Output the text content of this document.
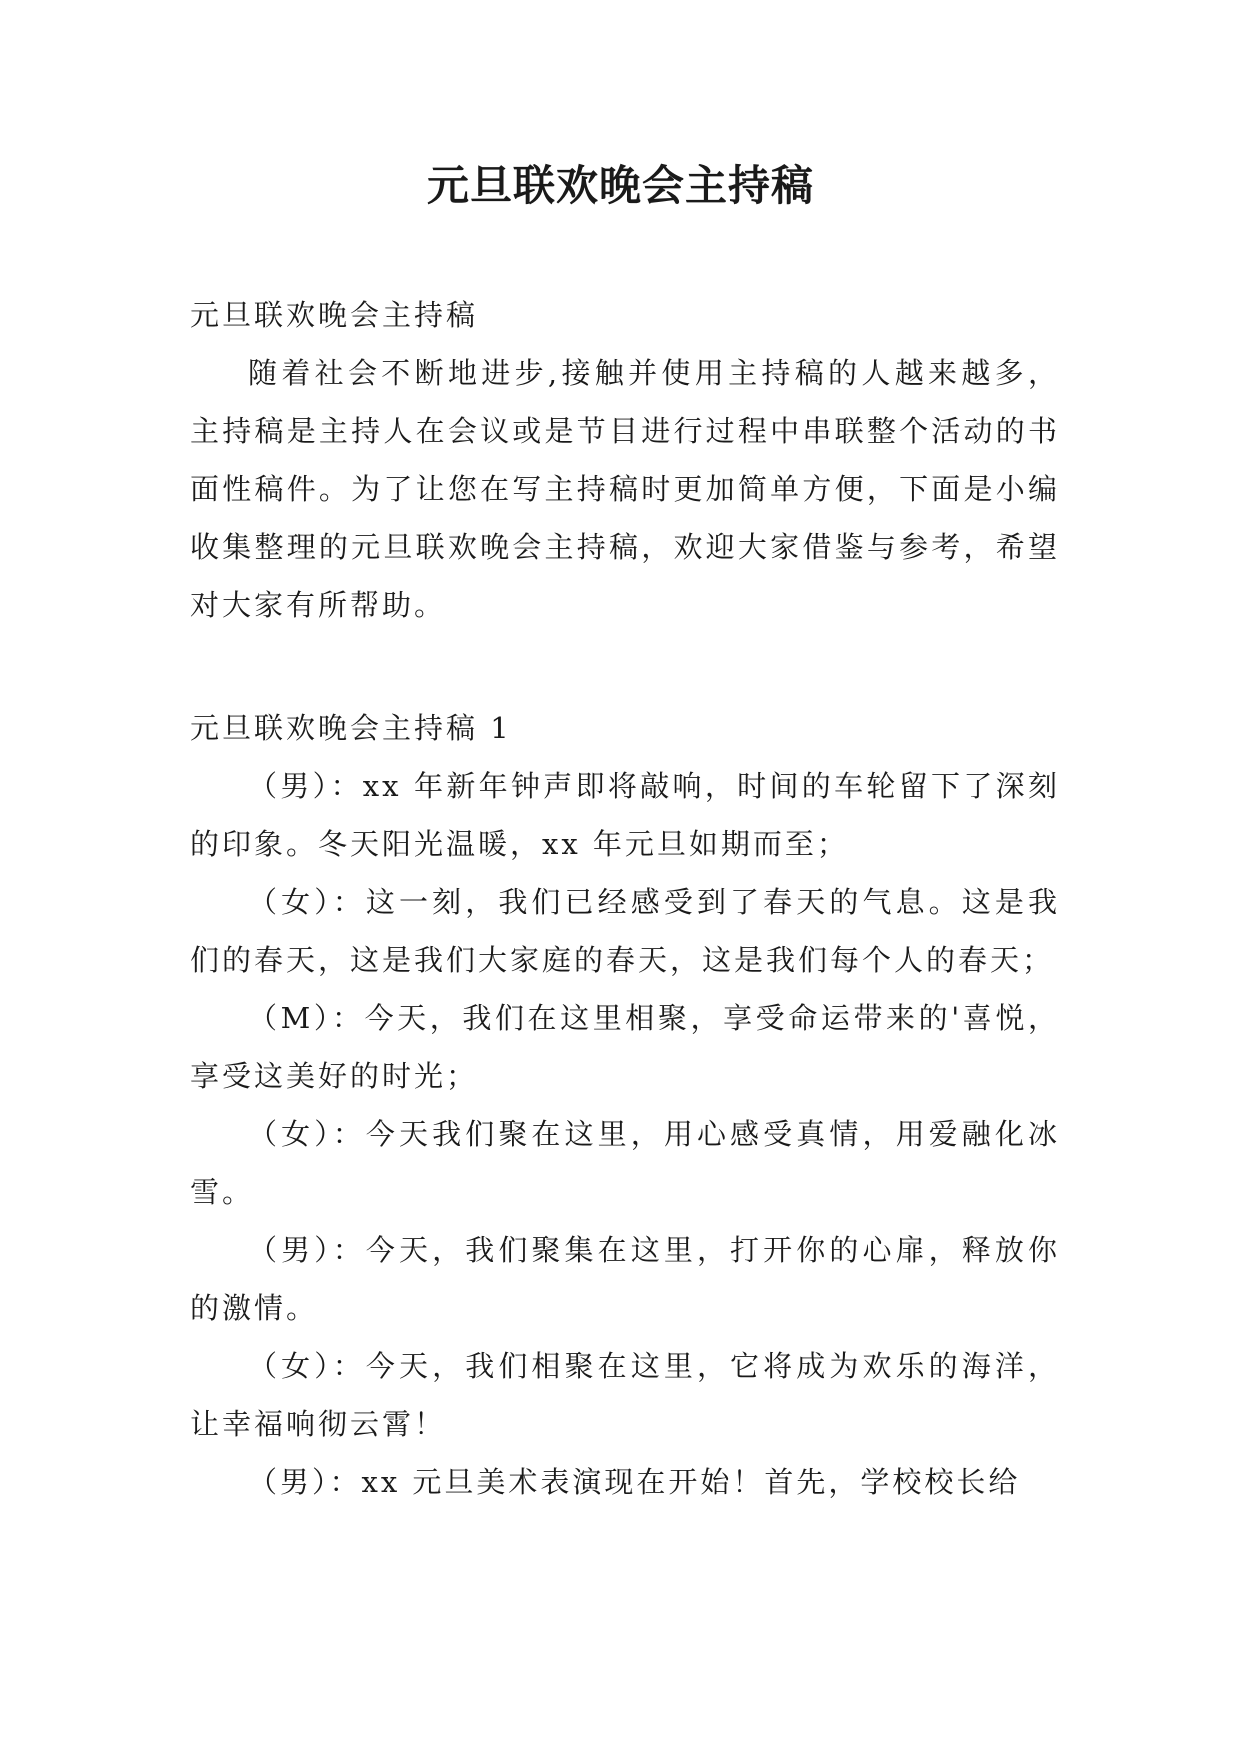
元旦联欢晚会主持稿

元旦联欢晚会主持稿

随着社会不断地进步,接触并使用主持稿的人越来越多，主持稿是主持人在会议或是节目进行过程中串联整个活动的书面性稿件。为了让您在写主持稿时更加简单方便，下面是小编收集整理的元旦联欢晚会主持稿，欢迎大家借鉴与参考，希望对大家有所帮助。

元旦联欢晚会主持稿 1

（男）：xx 年新年钟声即将敲响，时间的车轮留下了深刻的印象。冬天阳光温暖，xx 年元旦如期而至；

（女）：这一刻，我们已经感受到了春天的气息。这是我们的春天，这是我们大家庭的春天，这是我们每个人的春天；

（M）：今天，我们在这里相聚，享受命运带来的'喜悦，享受这美好的时光；

（女）：今天我们聚在这里，用心感受真情，用爱融化冰雪。

（男）：今天，我们聚集在这里，打开你的心扉，释放你的激情。

（女）：今天，我们相聚在这里，它将成为欢乐的海洋，让幸福响彻云霄！

（男）：xx 元旦美术表演现在开始！首先，学校校长给
